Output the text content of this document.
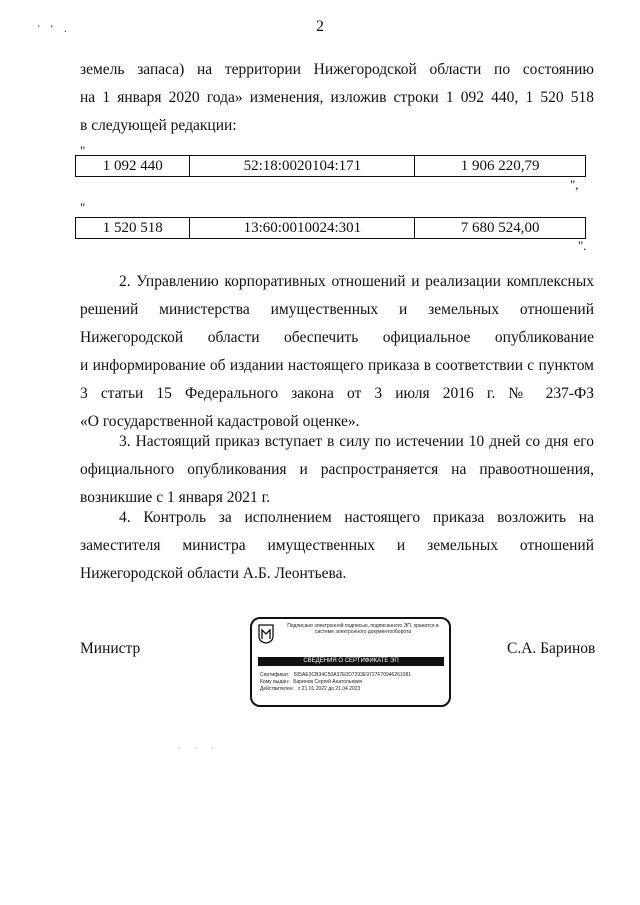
' ‘ .	2
земель запаса) на территории Нижегородской области по состоянию
на 1 января 2020 года» изменения, изложив строки 1 092 440, 1 520 518
в следующей редакции:
"
1 092 440	52:18:0020104:171	1 906 220,79
",
"
1 520 518	13:60:0010024:301	7 680 524,00
".
2. Управлению корпоративных отношений и реализации комплексных
решений министерства имущественных и земельных отношений
Нижегородской области обеспечить официальное опубликование
и информирование об издании настоящего приказа в соответствии с пунктом
3 статьи 15 Федерального закона от 3 июля 2016 г. № 237-ФЗ
«О государственной кадастровой оценке».
3. Настоящий приказ вступает в силу по истечении 10 дней со дня его
официального опубликования и распространяется на правоотношения,
возникшие с 1 января 2021 г.
4. Контроль за исполнением настоящего приказа возложить на
заместителя министра имущественных и земельных отношений
Нижегородской области А.Б. Леонтьева.
Министр	С.А. Баринов
Подписано электронной подписью, подписанного ЭП, хранится в системе электронного документооборота
СВЕДЕНИЯ О СЕРТИФИКАТЕ ЭП
Сертификат: 505AE3CB34C50A37E0D7293E9727F70946261081
Кому выдан: Баринов Сергей Анатольевич
Действителен: с 21.01.2022 до 21.04.2023
· · ·
